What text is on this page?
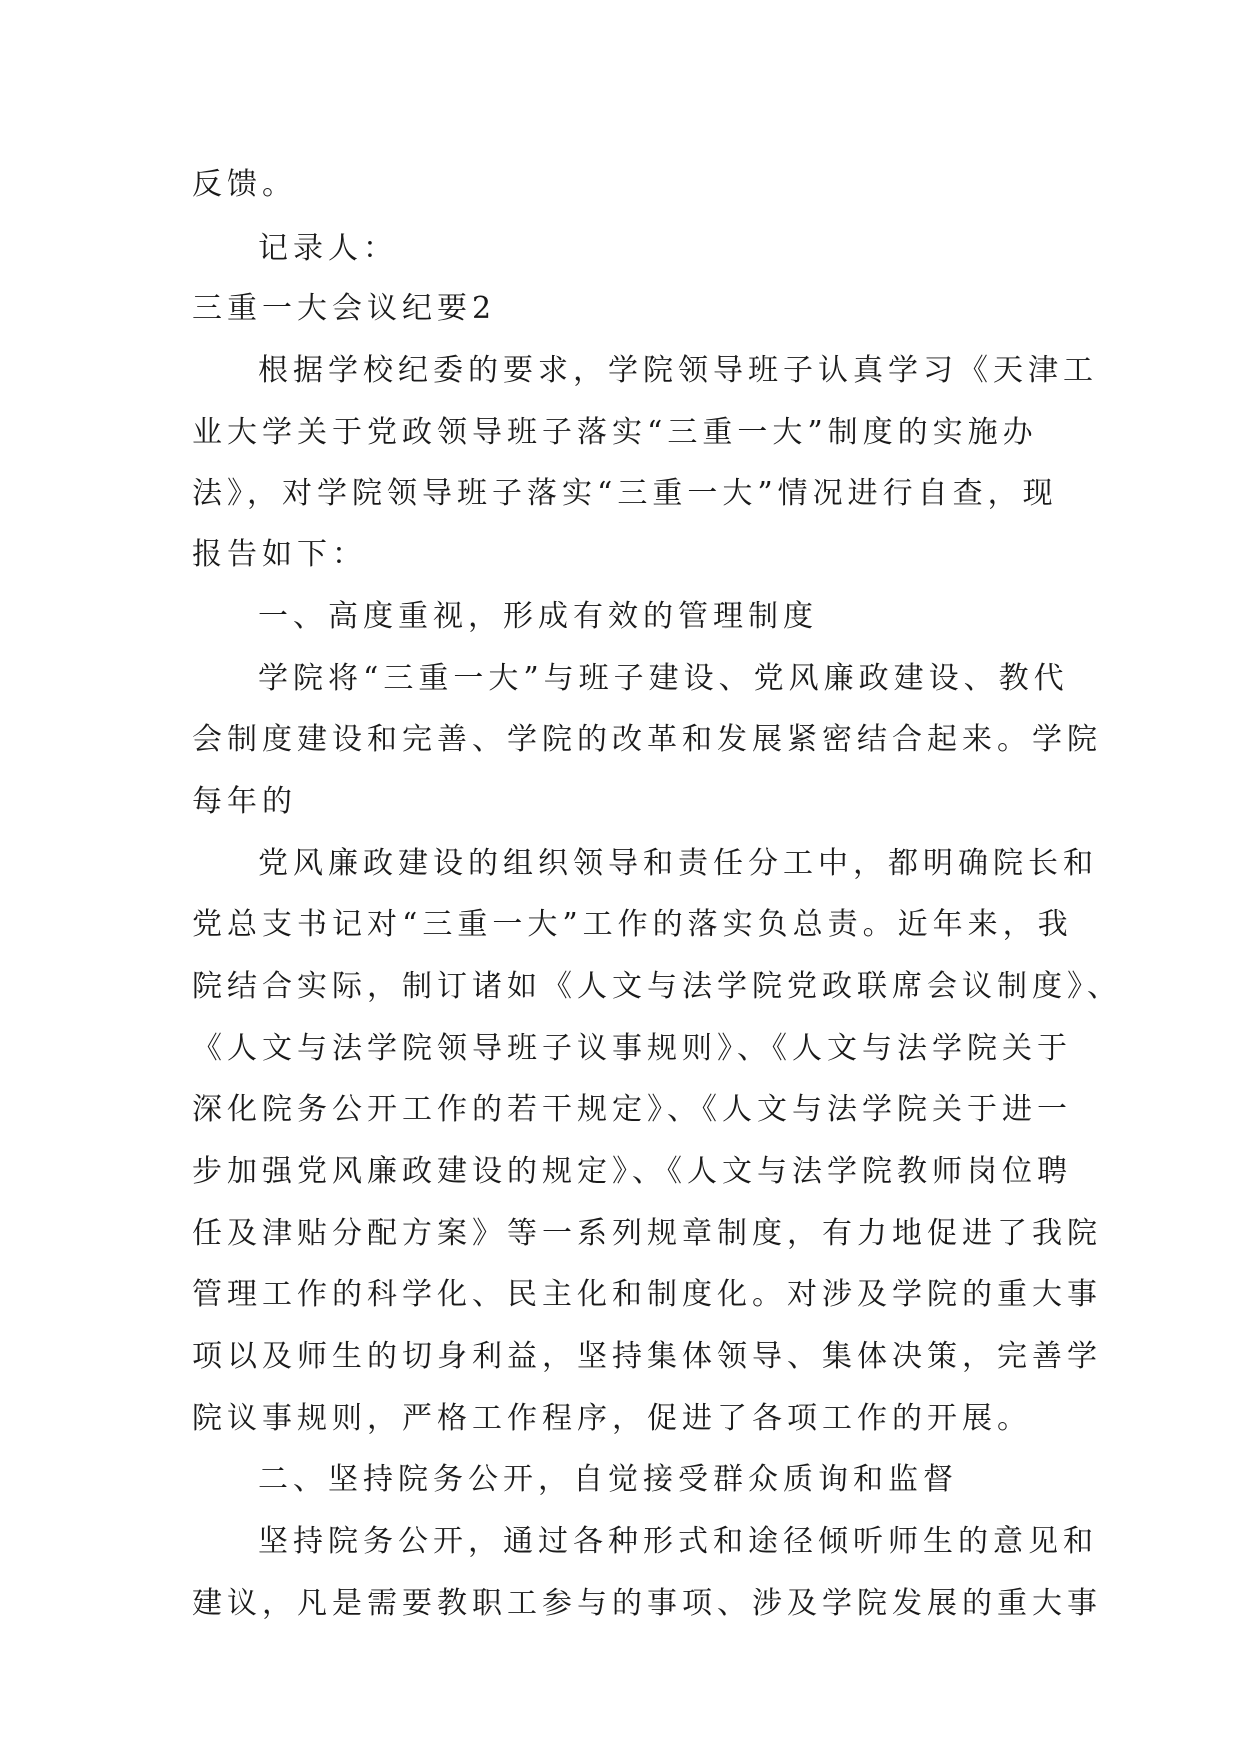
反馈。

记录人：

三重一大会议纪要2

根据学校纪委的要求，学院领导班子认真学习《天津工

业大学关于党政领导班子落实“三重一大”制度的实施办

法》，对学院领导班子落实“三重一大”情况进行自查，现

报告如下：

一、高度重视，形成有效的管理制度

学院将“三重一大”与班子建设、党风廉政建设、教代

会制度建设和完善、学院的改革和发展紧密结合起来。学院

每年的

党风廉政建设的组织领导和责任分工中，都明确院长和

党总支书记对“三重一大”工作的落实负总责。近年来，我

院结合实际，制订诸如《人文与法学院党政联席会议制度》、

《人文与法学院领导班子议事规则》、《人文与法学院关于

深化院务公开工作的若干规定》、《人文与法学院关于进一

步加强党风廉政建设的规定》、《人文与法学院教师岗位聘

任及津贴分配方案》等一系列规章制度，有力地促进了我院

管理工作的科学化、民主化和制度化。对涉及学院的重大事

项以及师生的切身利益，坚持集体领导、集体决策，完善学

院议事规则，严格工作程序，促进了各项工作的开展。

二、坚持院务公开，自觉接受群众质询和监督

坚持院务公开，通过各种形式和途径倾听师生的意见和

建议，凡是需要教职工参与的事项、涉及学院发展的重大事
